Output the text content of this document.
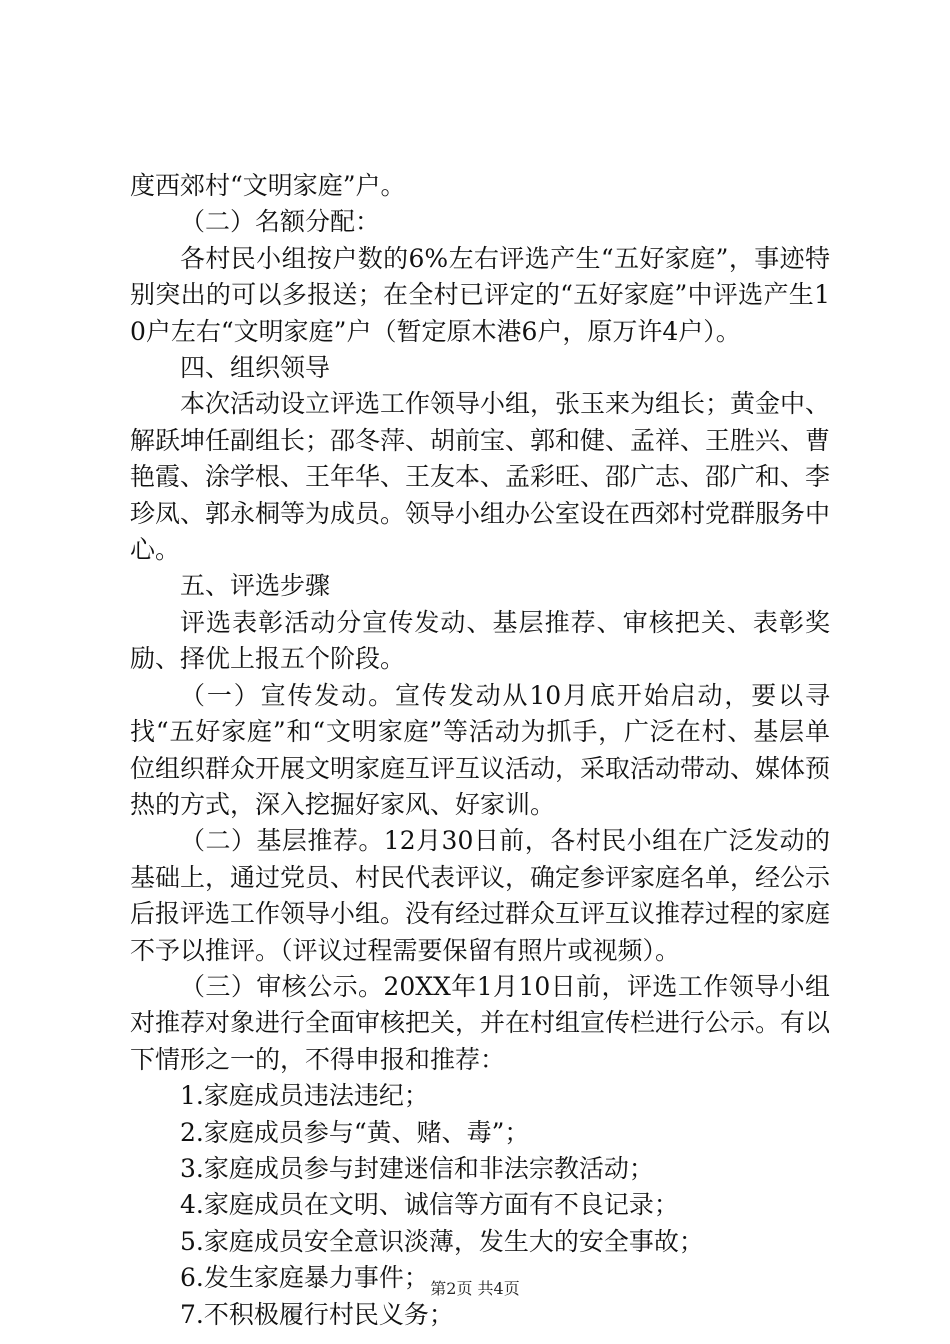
度西郊村“文明家庭”户。

（二）名额分配：

各村民小组按户数的6%左右评选产生“五好家庭”，事迹特别突出的可以多报送；在全村已评定的“五好家庭”中评选产生10户左右“文明家庭”户（暂定原木港6户，原万许4户）。

四、组织领导

本次活动设立评选工作领导小组，张玉来为组长；黄金中、解跃坤任副组长；邵冬萍、胡前宝、郭和健、孟祥、王胜兴、曹艳霞、涂学根、王年华、王友本、孟彩旺、邵广志、邵广和、李珍凤、郭永桐等为成员。领导小组办公室设在西郊村党群服务中心。

五、评选步骤

评选表彰活动分宣传发动、基层推荐、审核把关、表彰奖励、择优上报五个阶段。

（一）宣传发动。宣传发动从10月底开始启动，要以寻找“五好家庭”和“文明家庭”等活动为抓手，广泛在村、基层单位组织群众开展文明家庭互评互议活动，采取活动带动、媒体预热的方式，深入挖掘好家风、好家训。

（二）基层推荐。12月30日前，各村民小组在广泛发动的基础上，通过党员、村民代表评议，确定参评家庭名单，经公示后报评选工作领导小组。没有经过群众互评互议推荐过程的家庭不予以推评。（评议过程需要保留有照片或视频）。

（三）审核公示。20XX年1月10日前，评选工作领导小组对推荐对象进行全面审核把关，并在村组宣传栏进行公示。有以下情形之一的，不得申报和推荐：

1.家庭成员违法违纪；

2.家庭成员参与“黄、赌、毒”；

3.家庭成员参与封建迷信和非法宗教活动；

4.家庭成员在文明、诚信等方面有不良记录；

5.家庭成员安全意识淡薄，发生大的安全事故；

6.发生家庭暴力事件；

7.不积极履行村民义务；

第2页 共4页
